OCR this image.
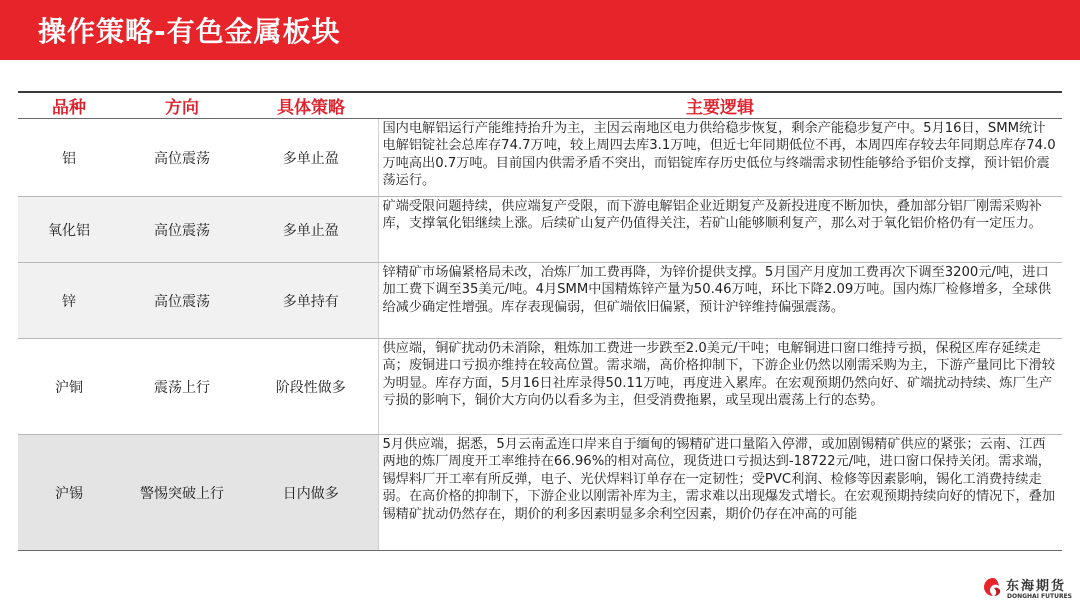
操作策略-有色金属板块
品种	方向	具体策略	主要逻辑
铝	高位震荡	多单止盈	国内电解铝运行产能维持抬升为主，主因云南地区电力供给稳步恢复，剩余产能稳步复产中。5月16日，SMM统计电解铝锭社会总库存74.7万吨，较上周四去库3.1万吨，但近七年同期低位不再，本周四库存较去年同期总库存74.0万吨高出0.7万吨。目前国内供需矛盾不突出，而铝锭库存历史低位与终端需求韧性能够给予铝价支撑，预计铝价震荡运行。
氧化铝	高位震荡	多单止盈	矿端受限问题持续，供应端复产受限，而下游电解铝企业近期复产及新投进度不断加快，叠加部分铝厂刚需采购补库，支撑氧化铝继续上涨。后续矿山复产仍值得关注，若矿山能够顺利复产，那么对于氧化铝价格仍有一定压力。
锌	高位震荡	多单持有	锌精矿市场偏紧格局未改，冶炼厂加工费再降，为锌价提供支撑。5月国产月度加工费再次下调至3200元/吨，进口加工费下调至35美元/吨。4月SMM中国精炼锌产量为50.46万吨，环比下降2.09万吨。国内炼厂检修增多，全球供给减少确定性增强。库存表现偏弱，但矿端依旧偏紧，预计沪锌维持偏强震荡。
沪铜	震荡上行	阶段性做多	供应端，铜矿扰动仍未消除，粗炼加工费进一步跌至2.0美元/干吨；电解铜进口窗口维持亏损，保税区库存延续走高；废铜进口亏损亦维持在较高位置。需求端，高价格抑制下，下游企业仍然以刚需采购为主，下游产量同比下滑较为明显。库存方面，5月16日社库录得50.11万吨，再度进入累库。在宏观预期仍然向好、矿端扰动持续、炼厂生产亏损的影响下，铜价大方向仍以看多为主，但受消费拖累，或呈现出震荡上行的态势。
沪锡	警惕突破上行	日内做多	5月供应端，据悉，5月云南孟连口岸来自于缅甸的锡精矿进口量陷入停滞，或加剧锡精矿供应的紧张；云南、江西两地的炼厂周度开工率维持在66.96%的相对高位，现货进口亏损达到-18722元/吨，进口窗口保持关闭。需求端，锡焊料厂开工率有所反弹，电子、光伏焊料订单存在一定韧性；受PVC利润、检修等因素影响，锡化工消费持续走弱。在高价格的抑制下，下游企业以刚需补库为主，需求难以出现爆发式增长。在宏观预期持续向好的情况下，叠加锡精矿扰动仍然存在，期价的利多因素明显多余利空因素，期价仍存在冲高的可能
东海期货
DONGHAI FUTURES
